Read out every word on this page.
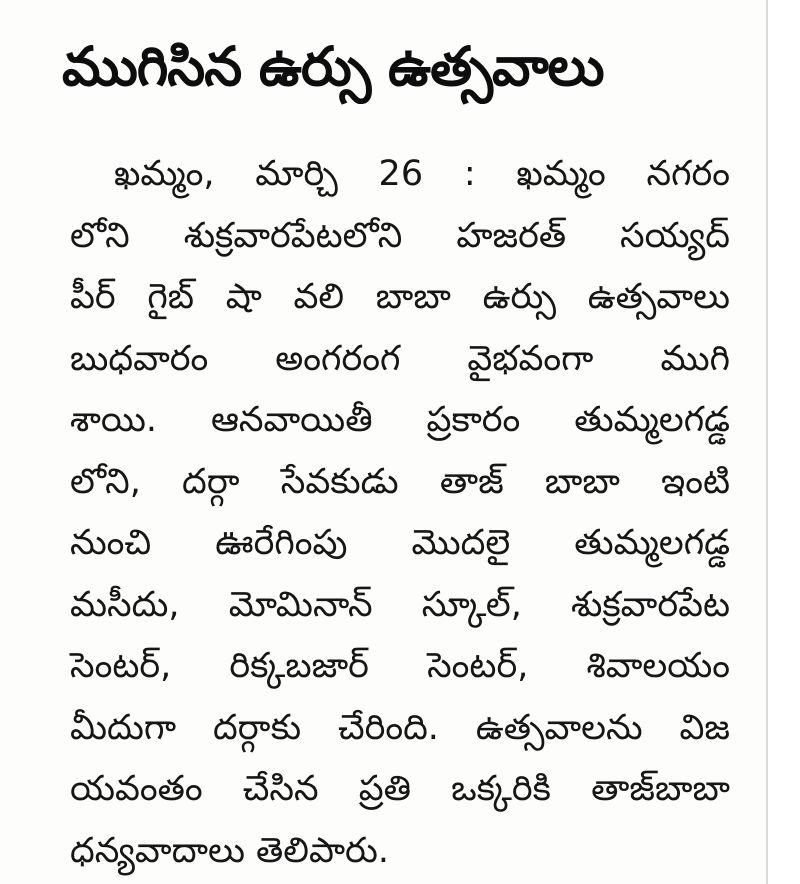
ముగిసిన ఉర్సు ఉత్సవాలు
ఖమ్మం, మార్చి 26 : ఖమ్మం నగరం
లోని శుక్రవారపేటలోని హజరత్ సయ్యద్
పీర్ గైబ్ షా వలి బాబా ఉర్సు ఉత్సవాలు
బుధవారం అంగరంగ వైభవంగా ముగి
శాయి. ఆనవాయితీ ప్రకారం తుమ్మలగడ్డ
లోని, దర్గా సేవకుడు తాజ్ బాబా ఇంటి
నుంచి ఊరేగింపు మొదలై తుమ్మలగడ్డ
మసీదు, మోమినాన్ స్కూల్, శుక్రవారపేట
సెంటర్, రిక్కబజార్ సెంటర్, శివాలయం
మీదుగా దర్గాకు చేరింది. ఉత్సవాలను విజ
యవంతం చేసిన ప్రతి ఒక్కరికి తాజ్‌బాబా
ధన్యవాదాలు తెలిపారు.
